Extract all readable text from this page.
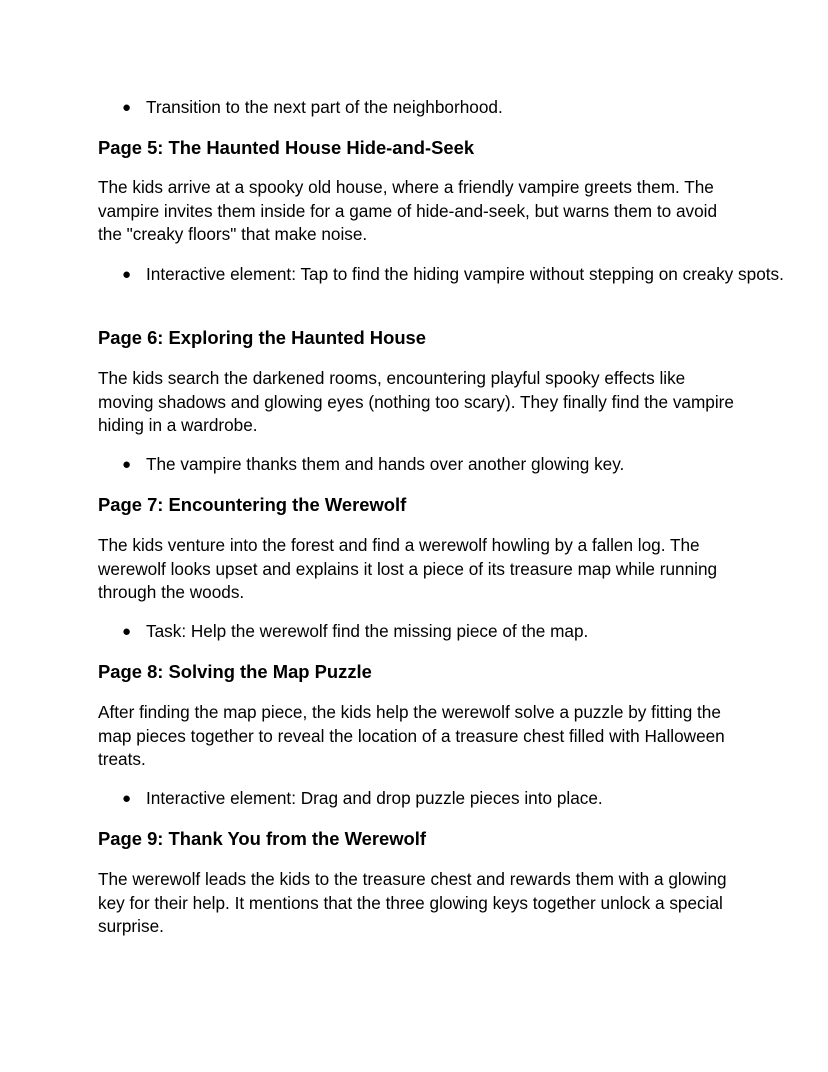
● Transition to the next part of the neighborhood.
Page 5: The Haunted House Hide-and-Seek
The kids arrive at a spooky old house, where a friendly vampire greets them. The vampire invites them inside for a game of hide-and-seek, but warns them to avoid the "creaky floors" that make noise.
● Interactive element: Tap to find the hiding vampire without stepping on creaky spots.
Page 6: Exploring the Haunted House
The kids search the darkened rooms, encountering playful spooky effects like moving shadows and glowing eyes (nothing too scary). They finally find the vampire hiding in a wardrobe.
● The vampire thanks them and hands over another glowing key.
Page 7: Encountering the Werewolf
The kids venture into the forest and find a werewolf howling by a fallen log. The werewolf looks upset and explains it lost a piece of its treasure map while running through the woods.
● Task: Help the werewolf find the missing piece of the map.
Page 8: Solving the Map Puzzle
After finding the map piece, the kids help the werewolf solve a puzzle by fitting the map pieces together to reveal the location of a treasure chest filled with Halloween treats.
● Interactive element: Drag and drop puzzle pieces into place.
Page 9: Thank You from the Werewolf
The werewolf leads the kids to the treasure chest and rewards them with a glowing key for their help. It mentions that the three glowing keys together unlock a special surprise.
